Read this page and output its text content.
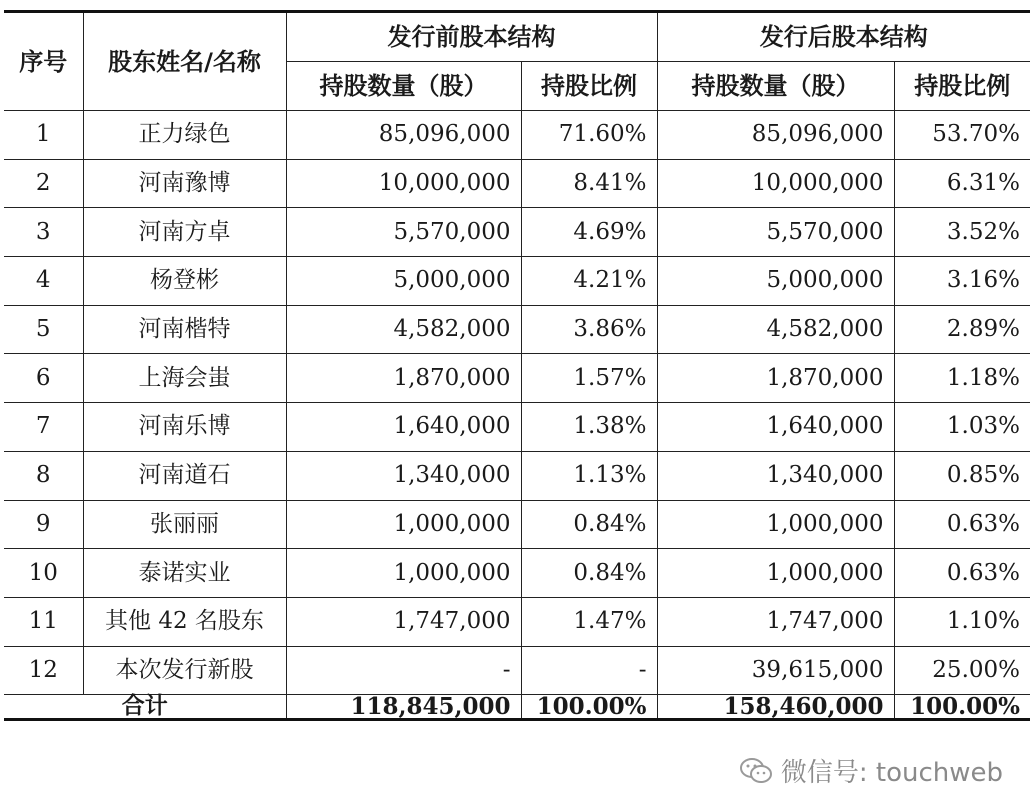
序号	股东姓名/名称	发行前股本结构		发行后股本结构	
		持股数量（股）	持股比例	持股数量（股）	持股比例
1	正力绿色	85,096,000	71.60%	85,096,000	53.70%
2	河南豫博	10,000,000	8.41%	10,000,000	6.31%
3	河南方卓	5,570,000	4.69%	5,570,000	3.52%
4	杨登彬	5,000,000	4.21%	5,000,000	3.16%
5	河南楷特	4,582,000	3.86%	4,582,000	2.89%
6	上海会蚩	1,870,000	1.57%	1,870,000	1.18%
7	河南乐博	1,640,000	1.38%	1,640,000	1.03%
8	河南道石	1,340,000	1.13%	1,340,000	0.85%
9	张丽丽	1,000,000	0.84%	1,000,000	0.63%
10	泰诺实业	1,000,000	0.84%	1,000,000	0.63%
11	其他 42 名股东	1,747,000	1.47%	1,747,000	1.10%
12	本次发行新股	-	-	39,615,000	25.00%
合计		118,845,000	100.00%	158,460,000	100.00%
微信号: touchweb
